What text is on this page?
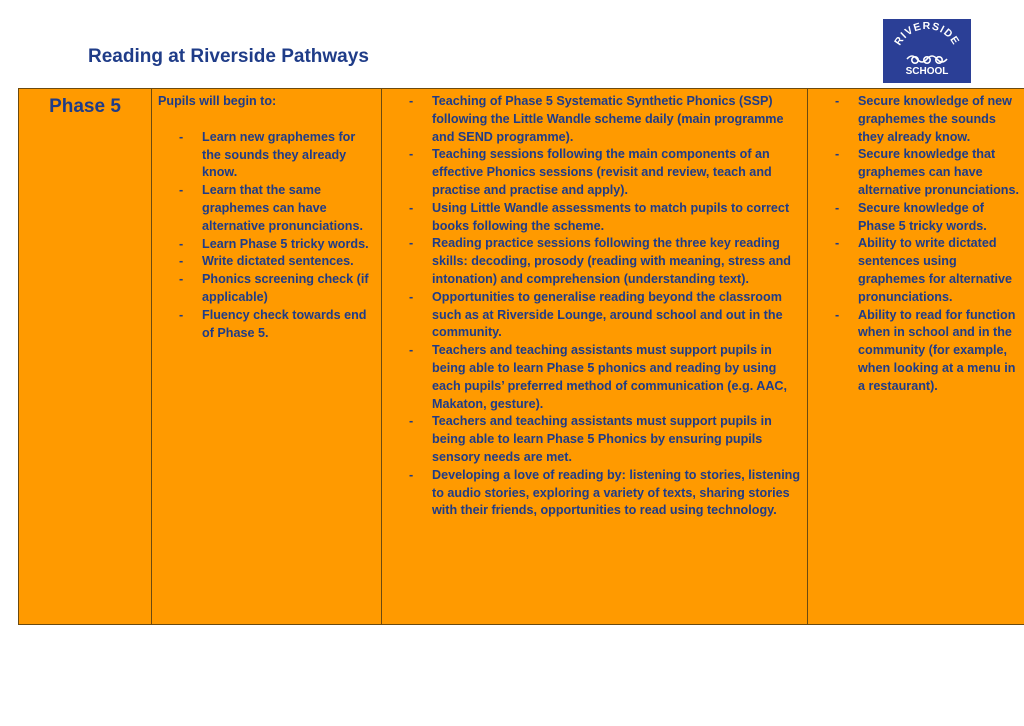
Reading at Riverside Pathways
RIVERSIDE
SCHOOL
Phase 5	Pupils will begin to:
- Learn new graphemes for the sounds they already know.
- Learn that the same graphemes can have alternative pronunciations.
- Learn Phase 5 tricky words.
- Write dictated sentences.
- Phonics screening check (if applicable)
- Fluency check towards end of Phase 5.

- Teaching of Phase 5 Systematic Synthetic Phonics (SSP) following the Little Wandle scheme daily (main programme and SEND programme).
- Teaching sessions following the main components of an effective Phonics sessions (revisit and review, teach and practise and practise and apply).
- Using Little Wandle assessments to match pupils to correct books following the scheme.
- Reading practice sessions following the three key reading skills: decoding, prosody (reading with meaning, stress and intonation) and comprehension (understanding text).
- Opportunities to generalise reading beyond the classroom such as at Riverside Lounge, around school and out in the community.
- Teachers and teaching assistants must support pupils in being able to learn Phase 5 phonics and reading by using each pupils’ preferred method of communication (e.g. AAC, Makaton, gesture).
- Teachers and teaching assistants must support pupils in being able to learn Phase 5 Phonics by ensuring pupils sensory needs are met.
- Developing a love of reading by: listening to stories, listening to audio stories, exploring a variety of texts, sharing stories with their friends, opportunities to read using technology.

- Secure knowledge of new graphemes the sounds they already know.
- Secure knowledge that graphemes can have alternative pronunciations.
- Secure knowledge of Phase 5 tricky words.
- Ability to write dictated sentences using graphemes for alternative pronunciations.
- Ability to read for function when in school and in the community (for example, when looking at a menu in a restaurant).
